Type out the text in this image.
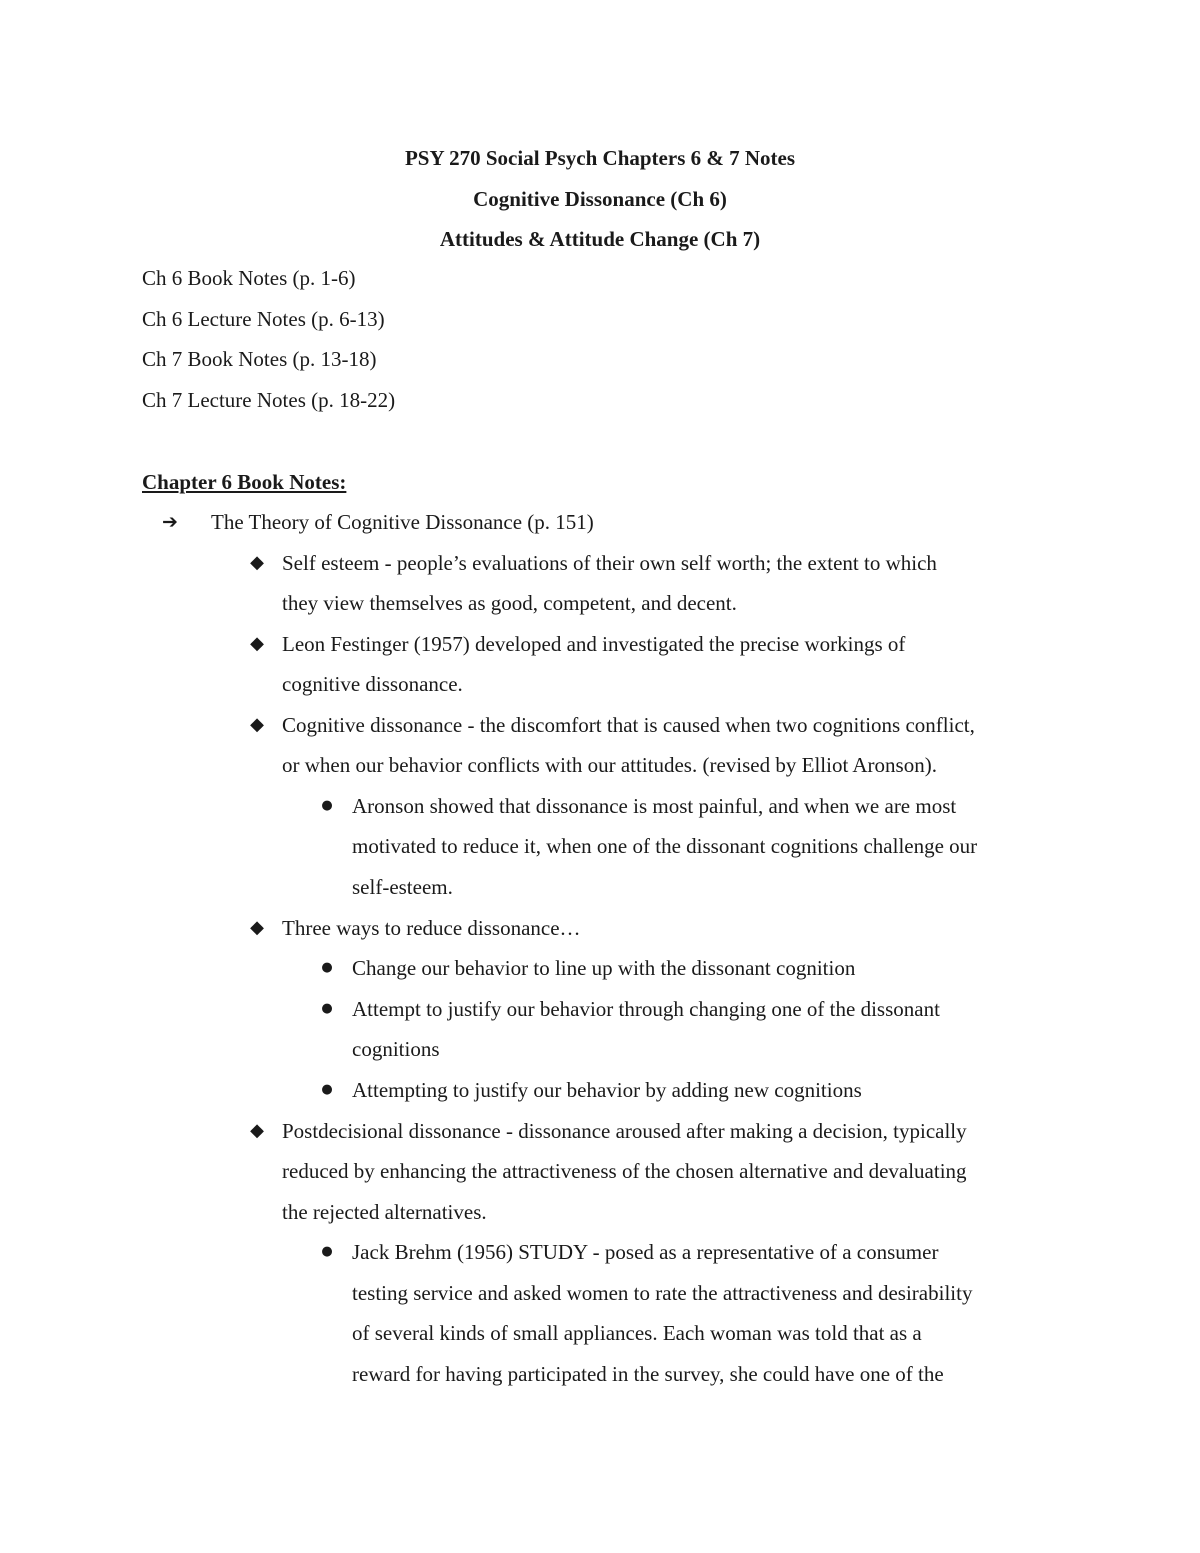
PSY 270 Social Psych Chapters 6 & 7 Notes
Cognitive Dissonance (Ch 6)
Attitudes & Attitude Change (Ch 7)
Ch 6 Book Notes (p. 1-6)
Ch 6 Lecture Notes (p. 6-13)
Ch 7 Book Notes (p. 13-18)
Ch 7 Lecture Notes (p. 18-22)
Chapter 6 Book Notes:
➔ The Theory of Cognitive Dissonance (p. 151)
◆ Self esteem - people’s evaluations of their own self worth; the extent to which
they view themselves as good, competent, and decent.
◆ Leon Festinger (1957) developed and investigated the precise workings of
cognitive dissonance.
◆ Cognitive dissonance - the discomfort that is caused when two cognitions conflict,
or when our behavior conflicts with our attitudes. (revised by Elliot Aronson).
● Aronson showed that dissonance is most painful, and when we are most
motivated to reduce it, when one of the dissonant cognitions challenge our
self-esteem.
◆ Three ways to reduce dissonance…
● Change our behavior to line up with the dissonant cognition
● Attempt to justify our behavior through changing one of the dissonant
cognitions
● Attempting to justify our behavior by adding new cognitions
◆ Postdecisional dissonance - dissonance aroused after making a decision, typically
reduced by enhancing the attractiveness of the chosen alternative and devaluating
the rejected alternatives.
● Jack Brehm (1956) STUDY - posed as a representative of a consumer
testing service and asked women to rate the attractiveness and desirability
of several kinds of small appliances. Each woman was told that as a
reward for having participated in the survey, she could have one of the
